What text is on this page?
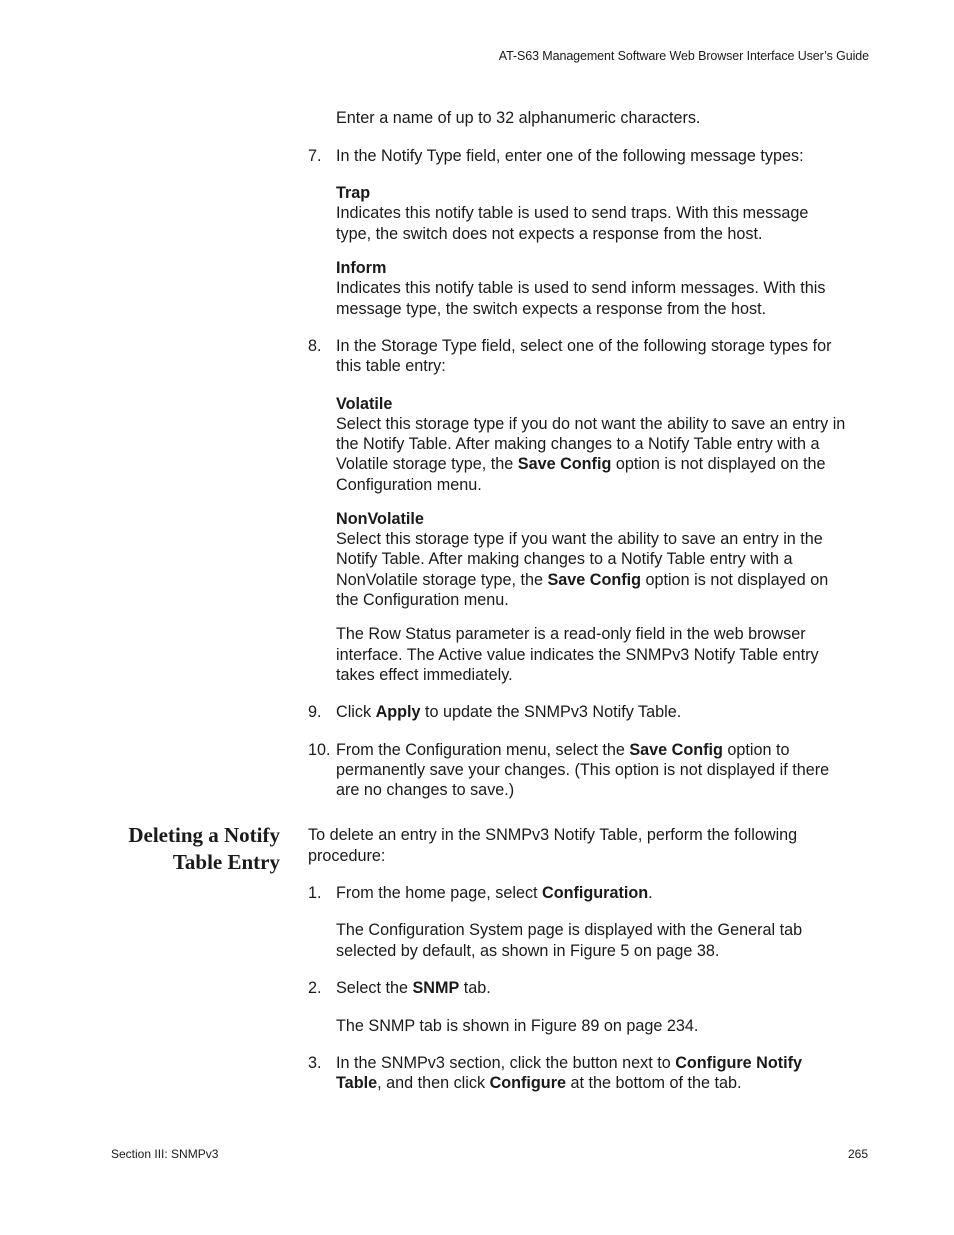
AT-S63 Management Software Web Browser Interface User’s Guide
Enter a name of up to 32 alphanumeric characters.
7. In the Notify Type field, enter one of the following message types:
Trap
Indicates this notify table is used to send traps. With this message
type, the switch does not expects a response from the host.
Inform
Indicates this notify table is used to send inform messages. With this
message type, the switch expects a response from the host.
8. In the Storage Type field, select one of the following storage types for
this table entry:
Volatile
Select this storage type if you do not want the ability to save an entry in
the Notify Table. After making changes to a Notify Table entry with a
Volatile storage type, the Save Config option is not displayed on the
Configuration menu.
NonVolatile
Select this storage type if you want the ability to save an entry in the
Notify Table. After making changes to a Notify Table entry with a
NonVolatile storage type, the Save Config option is not displayed on
the Configuration menu.
The Row Status parameter is a read-only field in the web browser
interface. The Active value indicates the SNMPv3 Notify Table entry
takes effect immediately.
9. Click Apply to update the SNMPv3 Notify Table.
10. From the Configuration menu, select the Save Config option to
permanently save your changes. (This option is not displayed if there
are no changes to save.)
Deleting a Notify
Table Entry
To delete an entry in the SNMPv3 Notify Table, perform the following
procedure:
1. From the home page, select Configuration.
The Configuration System page is displayed with the General tab
selected by default, as shown in Figure 5 on page 38.
2. Select the SNMP tab.
The SNMP tab is shown in Figure 89 on page 234.
3. In the SNMPv3 section, click the button next to Configure Notify
Table, and then click Configure at the bottom of the tab.
Section III: SNMPv3	265
